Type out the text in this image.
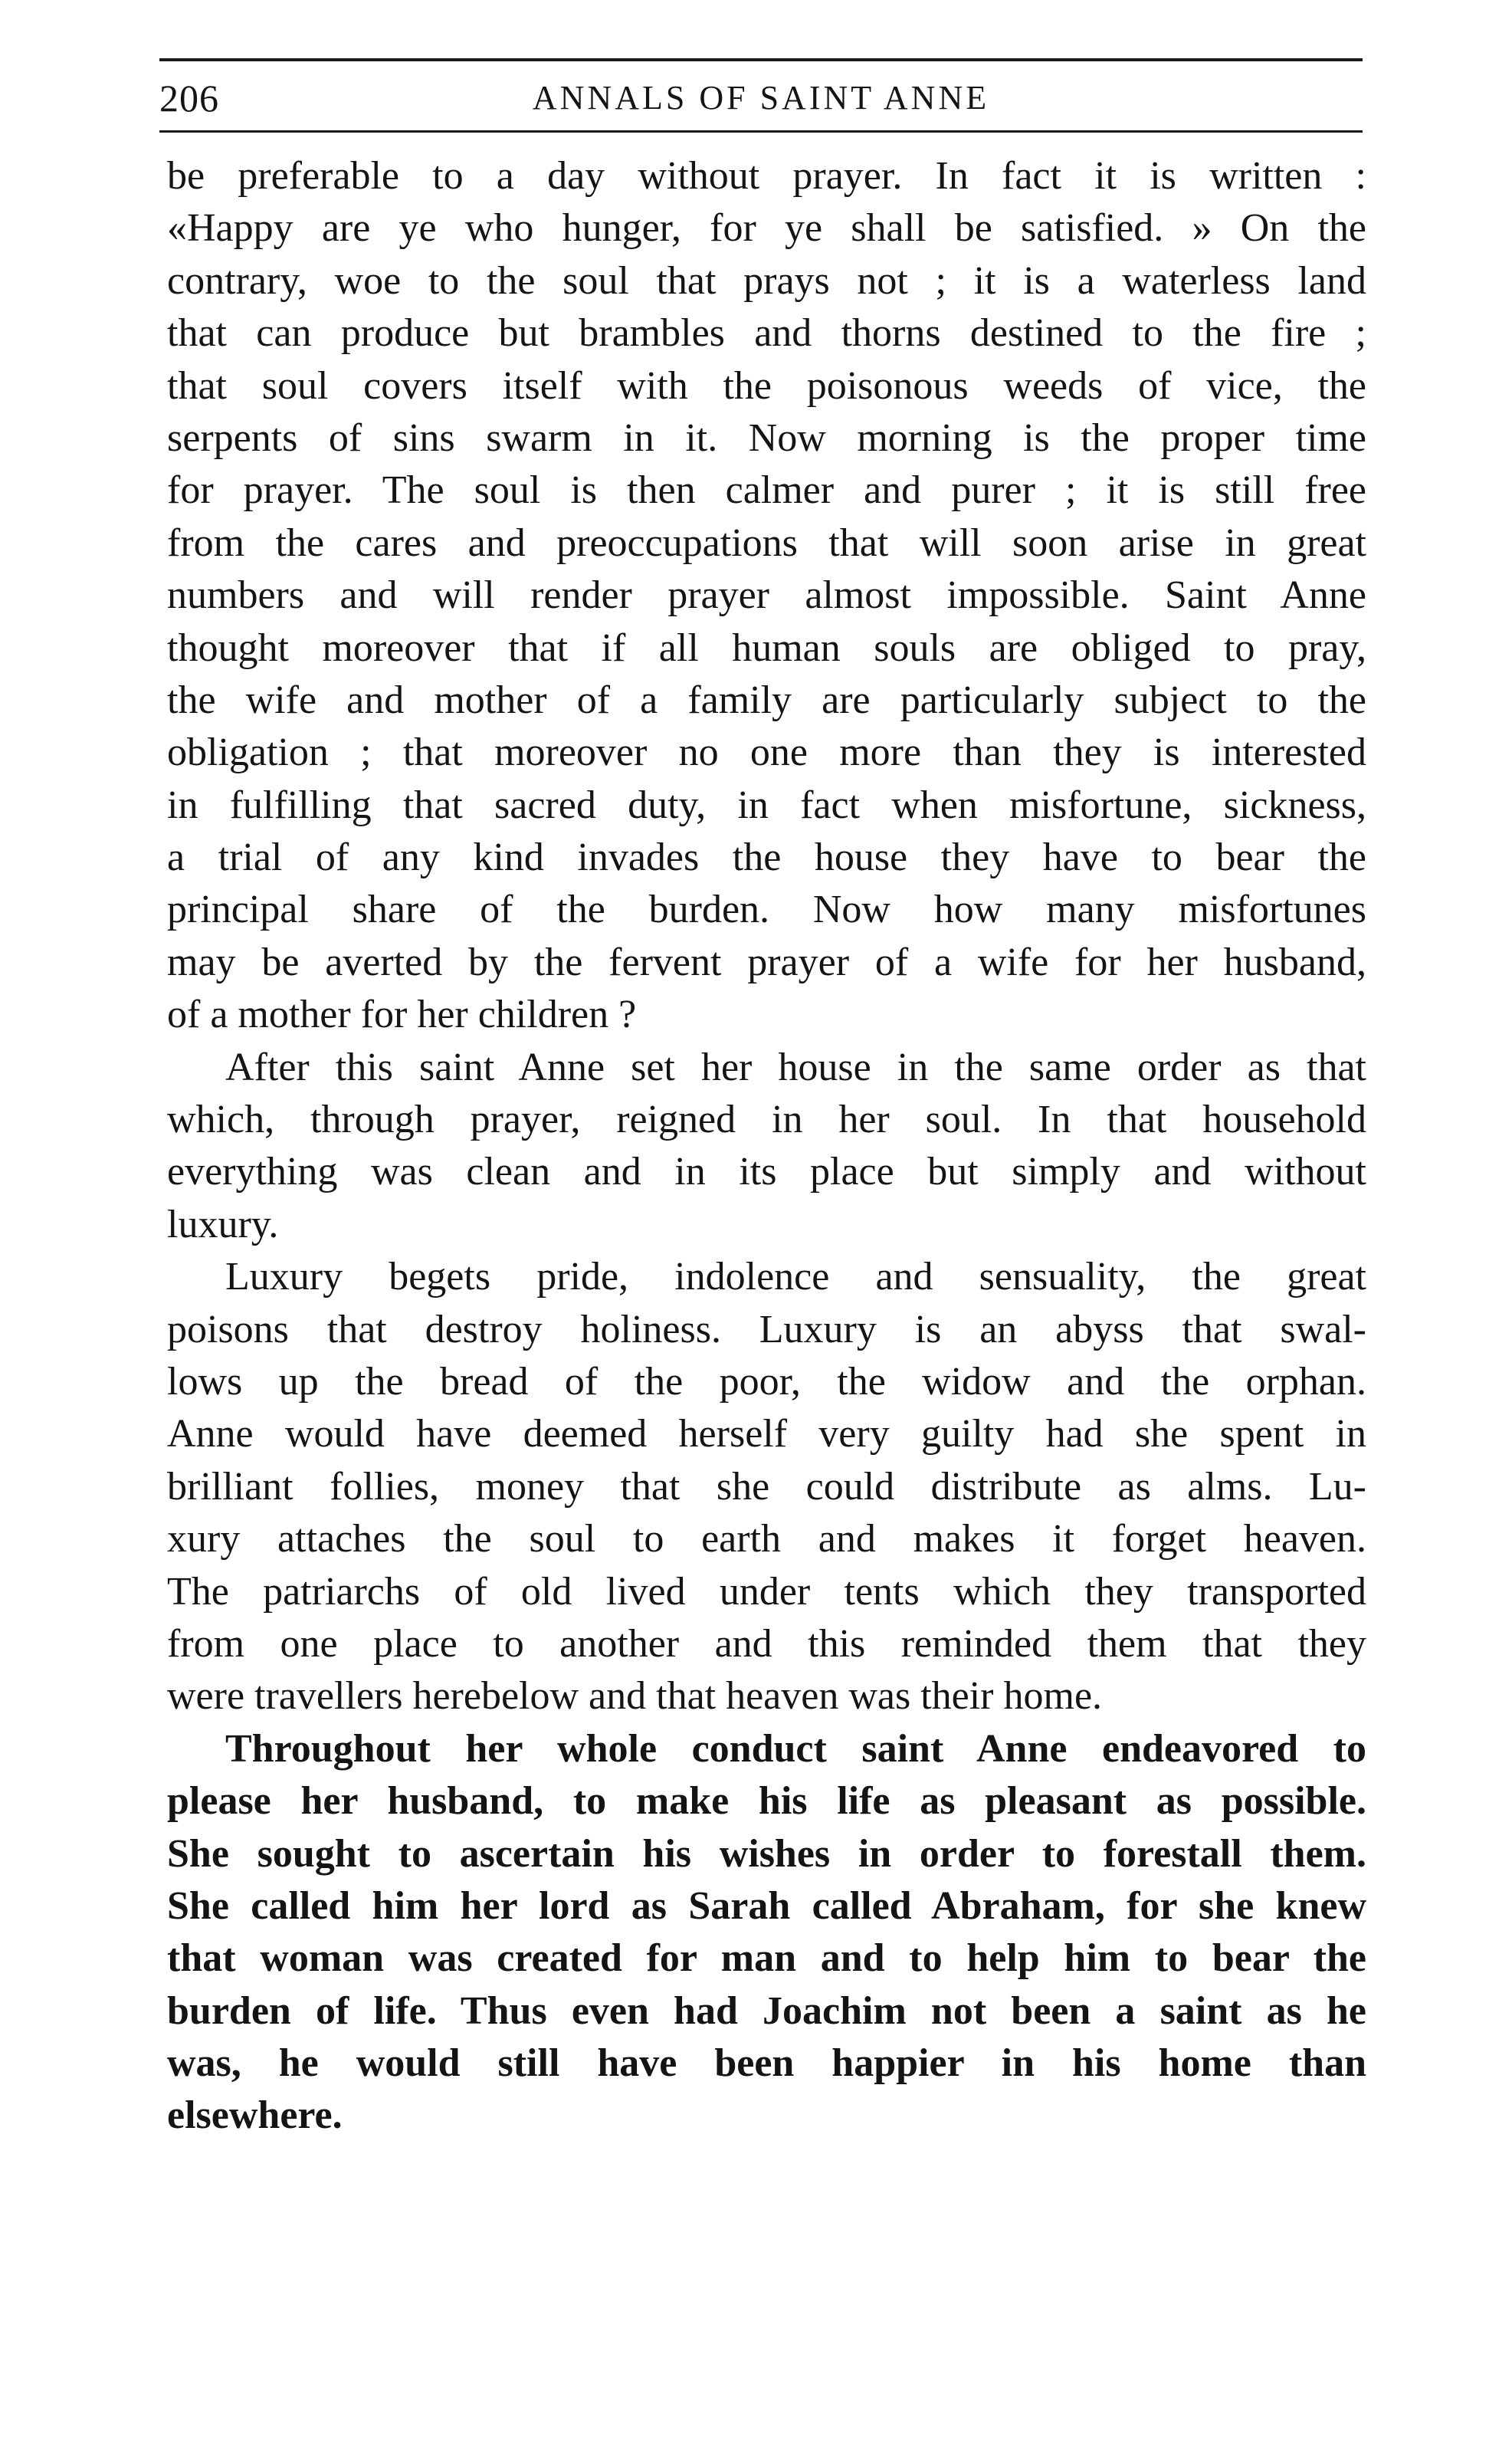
206	ANNALS OF SAINT ANNE
be preferable to a day without prayer. In fact it is written :
«Happy are ye who hunger, for ye shall be satisfied. » On the
contrary, woe to the soul that prays not ; it is a waterless land
that can produce but brambles and thorns destined to the fire ;
that soul covers itself with the poisonous weeds of vice, the
serpents of sins swarm in it. Now morning is the proper time
for prayer. The soul is then calmer and purer ; it is still free
from the cares and preoccupations that will soon arise in great
numbers and will render prayer almost impossible. Saint Anne
thought moreover that if all human souls are obliged to pray,
the wife and mother of a family are particularly subject to the
obligation ; that moreover no one more than they is interested
in fulfilling that sacred duty, in fact when misfortune, sickness,
a trial of any kind invades the house they have to bear the
principal share of the burden. Now how many misfortunes
may be averted by the fervent prayer of a wife for her husband,
of a mother for her children ?
After this saint Anne set her house in the same order as that
which, through prayer, reigned in her soul. In that household
everything was clean and in its place but simply and without
luxury.
Luxury begets pride, indolence and sensuality, the great
poisons that destroy holiness. Luxury is an abyss that swal-
lows up the bread of the poor, the widow and the orphan.
Anne would have deemed herself very guilty had she spent in
brilliant follies, money that she could distribute as alms. Lu-
xury attaches the soul to earth and makes it forget heaven.
The patriarchs of old lived under tents which they transported
from one place to another and this reminded them that they
were travellers herebelow and that heaven was their home.
Throughout her whole conduct saint Anne endeavored to
please her husband, to make his life as pleasant as possible.
She sought to ascertain his wishes in order to forestall them.
She called him her lord as Sarah called Abraham, for she knew
that woman was created for man and to help him to bear the
burden of life. Thus even had Joachim not been a saint as he
was, he would still have been happier in his home than
elsewhere.
